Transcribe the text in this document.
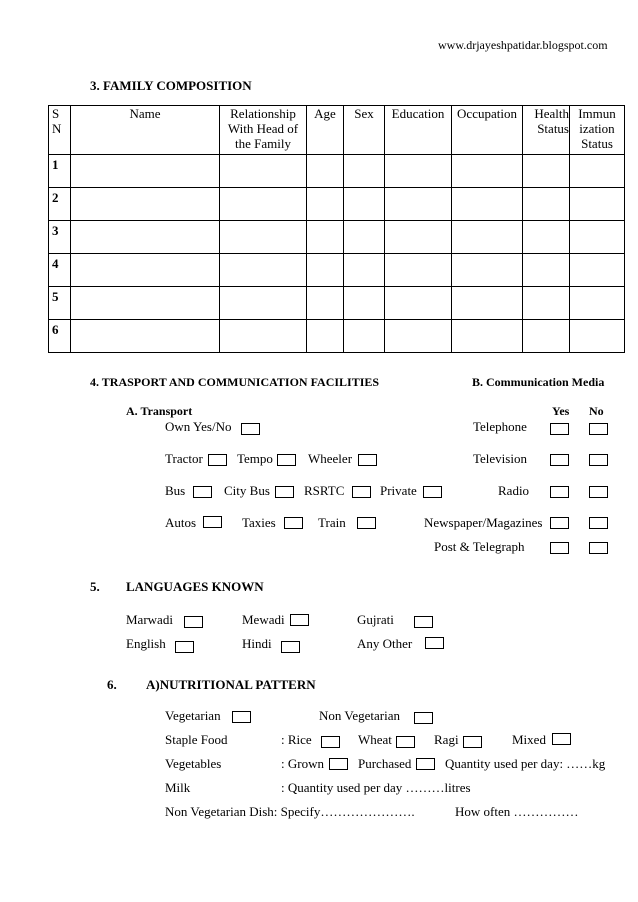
www.drjayeshpatidar.blogspot.com
3. FAMILY COMPOSITION
S N	Name	Relationship With Head of the Family	Age	Sex	Education	Occupation	Health Status	Immun ization Status
1								
2								
3								
4								
5								
6								
4. TRASPORT AND COMMUNICATION FACILITIES	B. Communication Media
A. Transport	Yes No
Own Yes/No	Telephone
Tractor	Tempo	Wheeler	Television
Bus	City Bus	RSRTC	Private	Radio
Autos	Taxies	Train	Newspaper/Magazines
Post & Telegraph
5. LANGUAGES KNOWN
Marwadi	Mewadi	Gujrati
English	Hindi	Any Other
6. A)NUTRITIONAL PATTERN
Vegetarian	Non Vegetarian
Staple Food	: Rice	Wheat	Ragi	Mixed
Vegetables	: Grown	Purchased	Quantity used per day: ……kg
Milk	: Quantity used per day ………litres
Non Vegetarian Dish: Specify………………….	How often ……………
